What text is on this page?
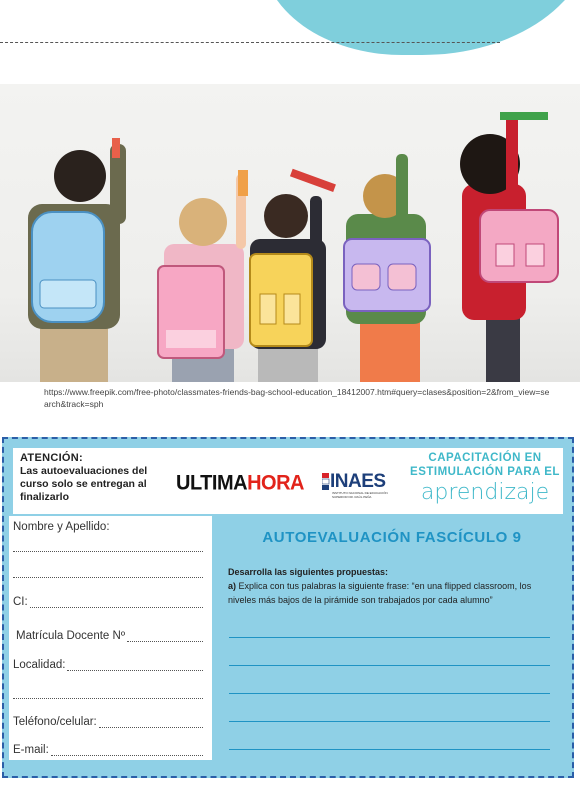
https://www.freepik.com/free-photo/classmates-friends-bag-school-education_18412007.htm#query=clases&position=2&from_view=search&track=sph
ATENCIÓN:
Las autoevaluaciones del curso solo se entregan al finalizarlo
ULTIMAHORA INAES
INSTITUTO NACIONAL DE EDUCACIÓN SUPERIOR DR. RAÚL PEÑA
CAPACITACIÓN EN ESTIMULACIÓN PARA EL
aprendizaje
Nombre y Apellido:
CI:
Matrícula Docente Nº
Localidad:
Teléfono/celular:
E-mail:
AUTOEVALUACIÓN FASCÍCULO 9
Desarrolla las siguientes propuestas:
a) Explica con tus palabras la siguiente frase: “en una flipped classroom, los niveles más bajos de la pirámide son trabajados por cada alumno”
